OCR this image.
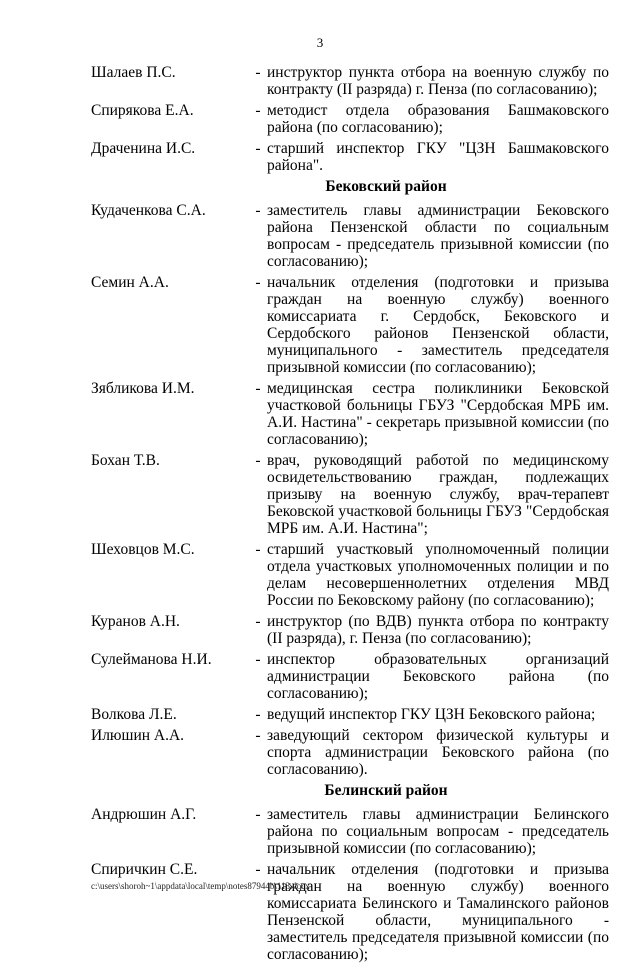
3
Шалаев П.С.	- инструктор пункта отбора на военную службу по контракту (II разряда) г. Пенза (по согласованию);
Спирякова Е.А.	- методист отдела образования Башмаковского района (по согласованию);
Драченина И.С.	- старший инспектор ГКУ "ЦЗН Башмаковского района".
Бековский район
Кудаченкова С.А.	- заместитель главы администрации Бековского района Пензенской области по социальным вопросам - председатель призывной комиссии (по согласованию);
Семин А.А.	- начальник отделения (подготовки и призыва граждан на военную службу) военного комиссариата г. Сердобск, Бековского и Сердобского районов Пензенской области, муниципального - заместитель председателя призывной комиссии (по согласованию);
Зябликова И.М.	- медицинская сестра поликлиники Бековской участковой больницы ГБУЗ "Сердобская МРБ им. А.И. Настина" - секретарь призывной комиссии (по согласованию);
Бохан Т.В.	- врач, руководящий работой по медицинскому освидетельствованию граждан, подлежащих призыву на военную службу, врач-терапевт Бековской участковой больницы ГБУЗ "Сердобская МРБ им. А.И. Настина";
Шеховцов М.С.	- старший участковый уполномоченный полиции отдела участковых уполномоченных полиции и по делам несовершеннолетних отделения МВД России по Бековскому району (по согласованию);
Куранов А.Н.	- инструктор (по ВДВ) пункта отбора по контракту (II разряда), г. Пенза (по согласованию);
Сулейманова Н.И.	- инспектор образовательных организаций администрации Бековского района (по согласованию);
Волкова Л.Е.	- ведущий инспектор ГКУ ЦЗН Бековского района;
Илюшин А.А.	- заведующий сектором физической культуры и спорта администрации Бековского района (по согласованию).
Белинский район
Андрюшин А.Г.	- заместитель главы администрации Белинского района по социальным вопросам - председатель призывной комиссии (по согласованию);
Спиричкин С.Е.	- начальник отделения (подготовки и призыва граждан на военную службу) военного комиссариата Белинского и Тамалинского районов Пензенской области, муниципального - заместитель председателя призывной комиссии (по согласованию);
c:\users\shoroh~1\appdata\local\temp\notes87944b\113.docx
